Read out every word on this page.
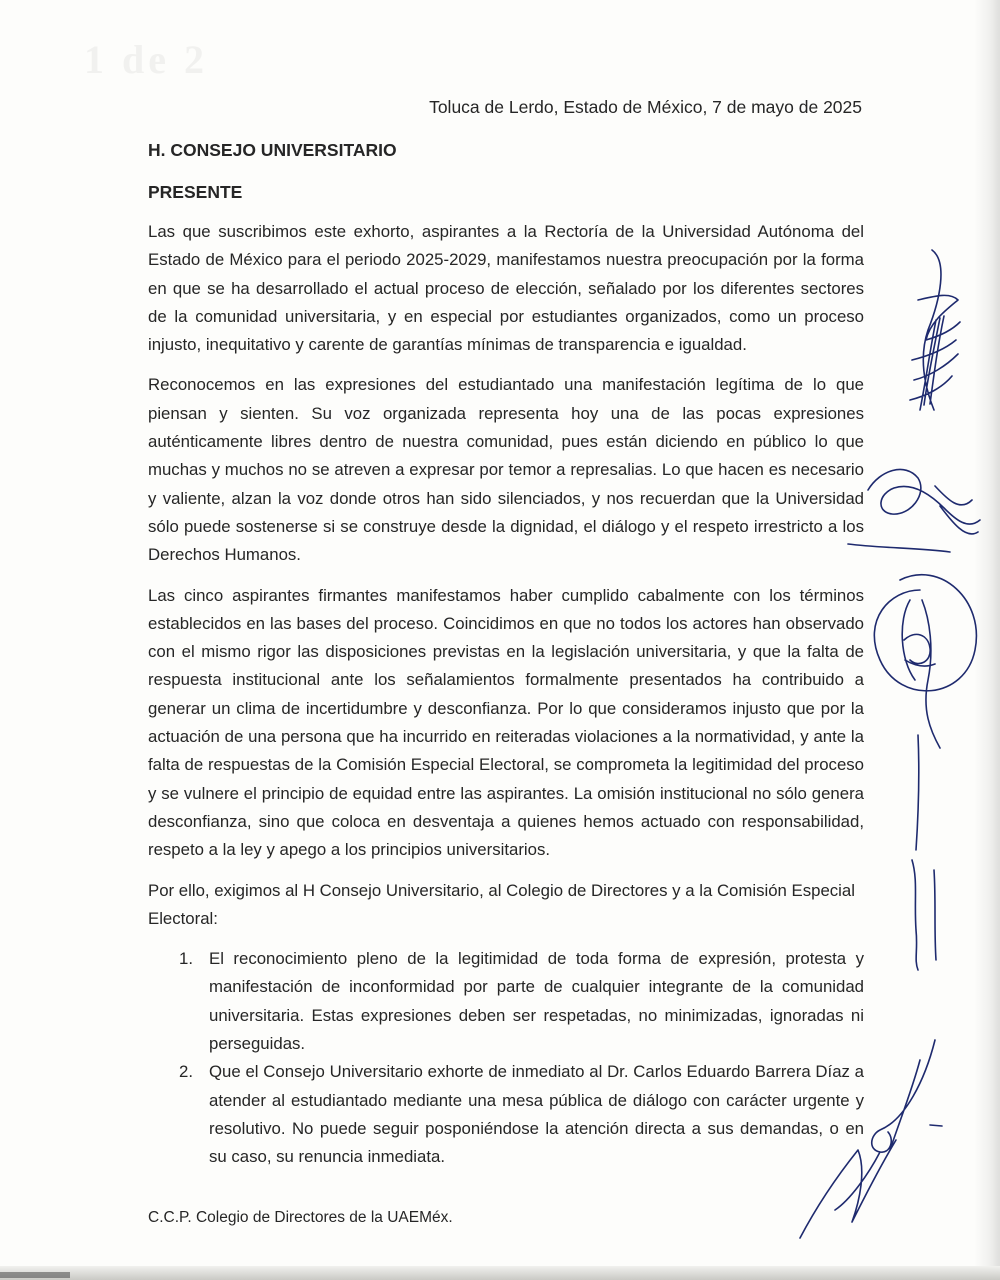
1 de 2
Toluca de Lerdo, Estado de México, 7 de mayo de 2025
H. CONSEJO UNIVERSITARIO
PRESENTE

Las que suscribimos este exhorto, aspirantes a la Rectoría de la Universidad Autónoma del Estado de México para el periodo 2025-2029, manifestamos nuestra preocupación por la forma en que se ha desarrollado el actual proceso de elección, señalado por los diferentes sectores de la comunidad universitaria, y en especial por estudiantes organizados, como un proceso injusto, inequitativo y carente de garantías mínimas de transparencia e igualdad.

Reconocemos en las expresiones del estudiantado una manifestación legítima de lo que piensan y sienten. Su voz organizada representa hoy una de las pocas expresiones auténticamente libres dentro de nuestra comunidad, pues están diciendo en público lo que muchas y muchos no se atreven a expresar por temor a represalias. Lo que hacen es necesario y valiente, alzan la voz donde otros han sido silenciados, y nos recuerdan que la Universidad sólo puede sostenerse si se construye desde la dignidad, el diálogo y el respeto irrestricto a los Derechos Humanos.

Las cinco aspirantes firmantes manifestamos haber cumplido cabalmente con los términos establecidos en las bases del proceso. Coincidimos en que no todos los actores han observado con el mismo rigor las disposiciones previstas en la legislación universitaria, y que la falta de respuesta institucional ante los señalamientos formalmente presentados ha contribuido a generar un clima de incertidumbre y desconfianza. Por lo que consideramos injusto que por la actuación de una persona que ha incurrido en reiteradas violaciones a la normatividad, y ante la falta de respuestas de la Comisión Especial Electoral, se comprometa la legitimidad del proceso y se vulnere el principio de equidad entre las aspirantes. La omisión institucional no sólo genera desconfianza, sino que coloca en desventaja a quienes hemos actuado con responsabilidad, respeto a la ley y apego a los principios universitarios.

Por ello, exigimos al H Consejo Universitario, al Colegio de Directores y a la Comisión Especial Electoral:

1. El reconocimiento pleno de la legitimidad de toda forma de expresión, protesta y manifestación de inconformidad por parte de cualquier integrante de la comunidad universitaria. Estas expresiones deben ser respetadas, no minimizadas, ignoradas ni perseguidas.
2. Que el Consejo Universitario exhorte de inmediato al Dr. Carlos Eduardo Barrera Díaz a atender al estudiantado mediante una mesa pública de diálogo con carácter urgente y resolutivo. No puede seguir posponiéndose la atención directa a sus demandas, o en su caso, su renuncia inmediata.
C.C.P. Colegio de Directores de la UAEMéx.
